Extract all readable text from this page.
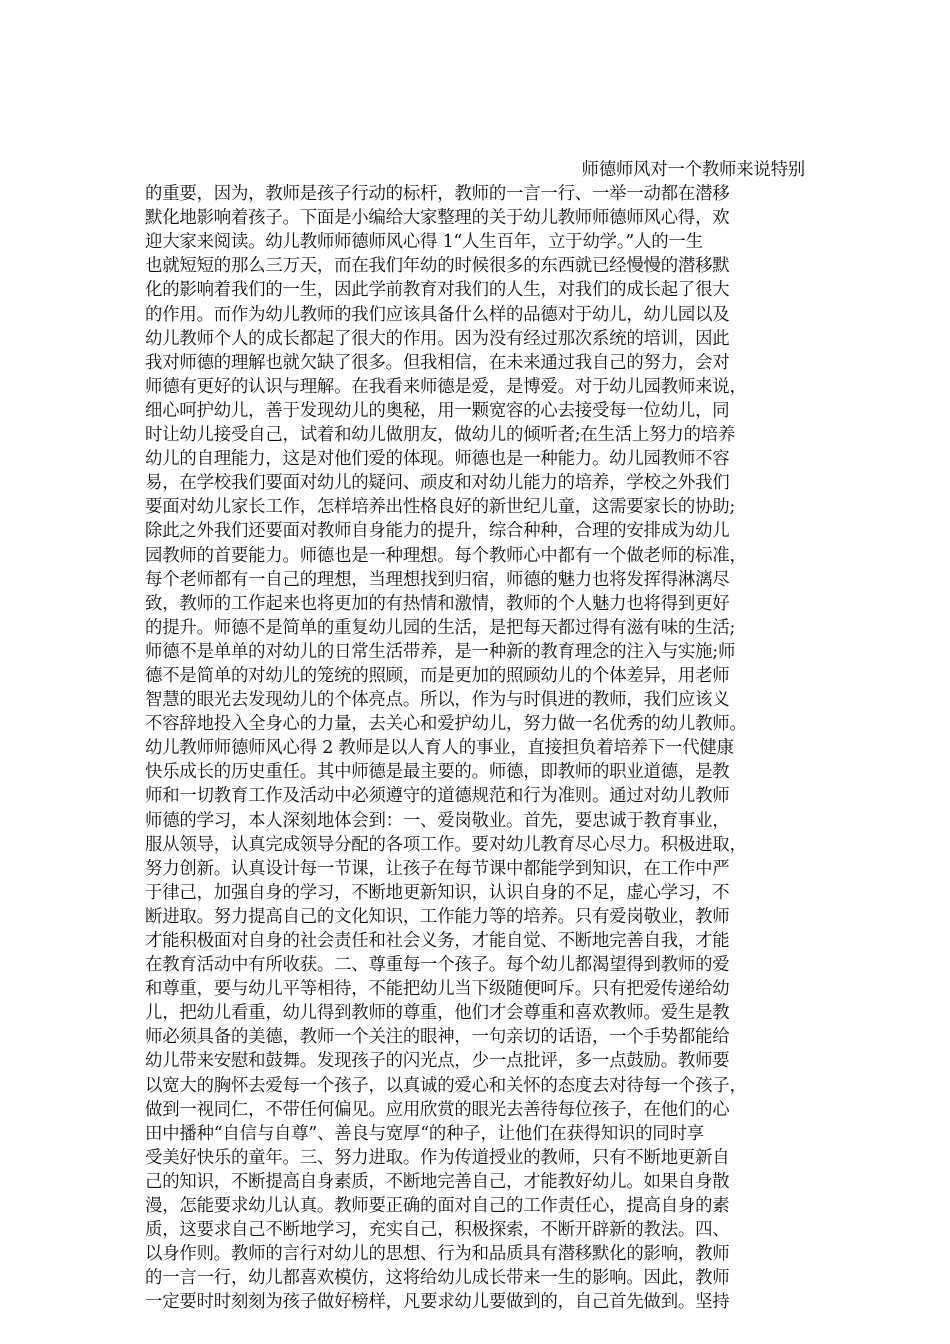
师德师风对一个教师来说特别
的重要，因为，教师是孩子行动的标杆，教师的一言一行、一举一动都在潜移
默化地影响着孩子。下面是小编给大家整理的关于幼儿教师师德师风心得，欢
迎大家来阅读。幼儿教师师德师风心得 1“人生百年，立于幼学。”人的一生
也就短短的那么三万天，而在我们年幼的时候很多的东西就已经慢慢的潜移默
化的影响着我们的一生，因此学前教育对我们的人生，对我们的成长起了很大
的作用。而作为幼儿教师的我们应该具备什么样的品德对于幼儿，幼儿园以及
幼儿教师个人的成长都起了很大的作用。因为没有经过那次系统的培训，因此
我对师德的理解也就欠缺了很多。但我相信，在未来通过我自己的努力，会对
师德有更好的认识与理解。在我看来师德是爱，是博爱。对于幼儿园教师来说，
细心呵护幼儿，善于发现幼儿的奥秘，用一颗宽容的心去接受每一位幼儿，同
时让幼儿接受自己，试着和幼儿做朋友，做幼儿的倾听者;在生活上努力的培养
幼儿的自理能力，这是对他们爱的体现。师德也是一种能力。幼儿园教师不容
易，在学校我们要面对幼儿的疑问、顽皮和对幼儿能力的培养，学校之外我们
要面对幼儿家长工作，怎样培养出性格良好的新世纪儿童，这需要家长的协助;
除此之外我们还要面对教师自身能力的提升，综合种种，合理的安排成为幼儿
园教师的首要能力。师德也是一种理想。每个教师心中都有一个做老师的标准，
每个老师都有一自己的理想，当理想找到归宿，师德的魅力也将发挥得淋漓尽
致，教师的工作起来也将更加的有热情和激情，教师的个人魅力也将得到更好
的提升。师德不是简单的重复幼儿园的生活，是把每天都过得有滋有味的生活;
师德不是单单的对幼儿的日常生活带养，是一种新的教育理念的注入与实施;师
德不是简单的对幼儿的笼统的照顾，而是更加的照顾幼儿的个体差异，用老师
智慧的眼光去发现幼儿的个体亮点。所以，作为与时俱进的教师，我们应该义
不容辞地投入全身心的力量，去关心和爱护幼儿，努力做一名优秀的幼儿教师。
幼儿教师师德师风心得 2 教师是以人育人的事业，直接担负着培养下一代健康
快乐成长的历史重任。其中师德是最主要的。师德，即教师的职业道德，是教
师和一切教育工作及活动中必须遵守的道德规范和行为准则。通过对幼儿教师
师德的学习，本人深刻地体会到：一、爱岗敬业。首先，要忠诚于教育事业，
服从领导，认真完成领导分配的各项工作。要对幼儿教育尽心尽力。积极进取，
努力创新。认真设计每一节课，让孩子在每节课中都能学到知识，在工作中严
于律己，加强自身的学习，不断地更新知识，认识自身的不足，虚心学习，不
断进取。努力提高自己的文化知识，工作能力等的培养。只有爱岗敬业，教师
才能积极面对自身的社会责任和社会义务，才能自觉、不断地完善自我，才能
在教育活动中有所收获。二、尊重每一个孩子。每个幼儿都渴望得到教师的爱
和尊重，要与幼儿平等相待，不能把幼儿当下级随便呵斥。只有把爱传递给幼
儿，把幼儿看重，幼儿得到教师的尊重，他们才会尊重和喜欢教师。爱生是教
师必须具备的美德，教师一个关注的眼神，一句亲切的话语，一个手势都能给
幼儿带来安慰和鼓舞。发现孩子的闪光点，少一点批评，多一点鼓励。教师要
以宽大的胸怀去爱每一个孩子，以真诚的爱心和关怀的态度去对待每一个孩子，
做到一视同仁，不带任何偏见。应用欣赏的眼光去善待每位孩子，在他们的心
田中播种“自信与自尊”、善良与宽厚“的种子，让他们在获得知识的同时享
受美好快乐的童年。三、努力进取。作为传道授业的教师，只有不断地更新自
己的知识，不断提高自身素质，不断地完善自己，才能教好幼儿。如果自身散
漫，怎能要求幼儿认真。教师要正确的面对自己的工作责任心，提高自身的素
质，这要求自己不断地学习，充实自己，积极探索，不断开辟新的教法。四、
以身作则。教师的言行对幼儿的思想、行为和品质具有潜移默化的影响，教师
的一言一行，幼儿都喜欢模仿，这将给幼儿成长带来一生的影响。因此，教师
一定要时时刻刻为孩子做好榜样，凡要求幼儿要做到的，自己首先做到。坚持
